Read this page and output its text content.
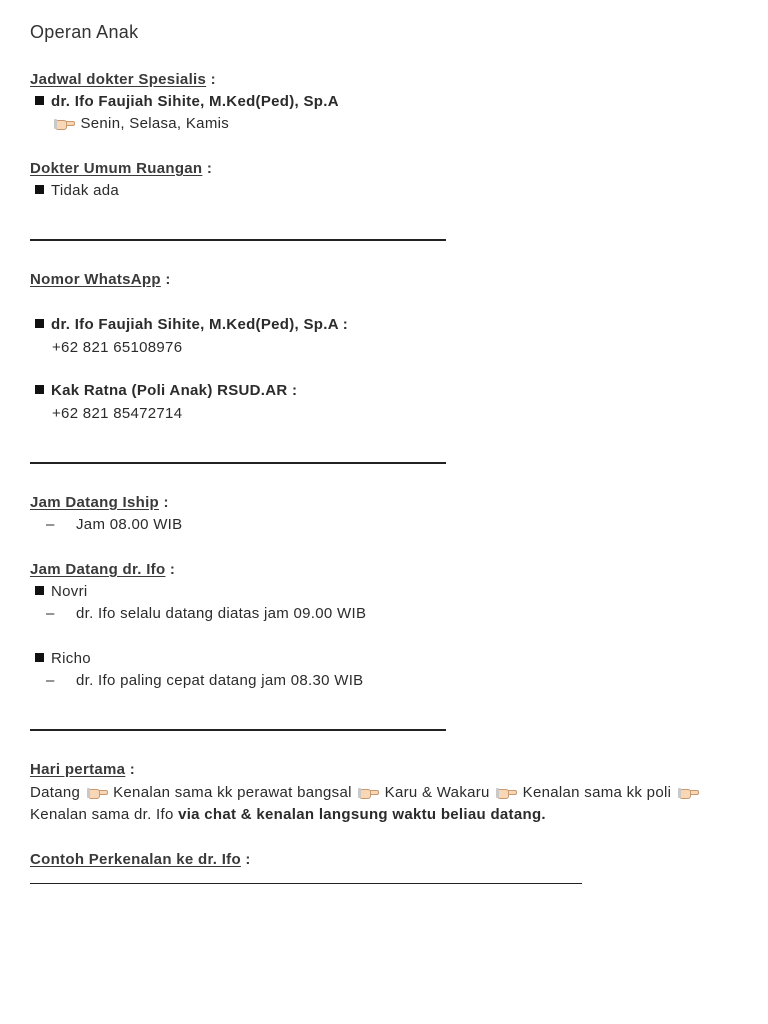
Operan Anak
Jadwal dokter Spesialis :
dr. Ifo Faujiah Sihite, M.Ked(Ped), Sp.A
Senin, Selasa, Kamis
Dokter Umum Ruangan :
Tidak ada
Nomor WhatsApp :
dr. Ifo Faujiah Sihite, M.Ked(Ped), Sp.A :
+62 821 65108976
Kak Ratna (Poli Anak) RSUD.AR :
+62 821 85472714
Jam Datang Iship :
– Jam 08.00 WIB
Jam Datang dr. Ifo :
Novri
– dr. Ifo selalu datang diatas jam 09.00 WIB
Richo
– dr. Ifo paling cepat datang jam 08.30 WIB
Hari pertama :
Datang Kenalan sama kk perawat bangsal Karu & Wakaru Kenalan sama kk poli
Kenalan sama dr. Ifo via chat & kenalan langsung waktu beliau datang.
Contoh Perkenalan ke dr. Ifo :
